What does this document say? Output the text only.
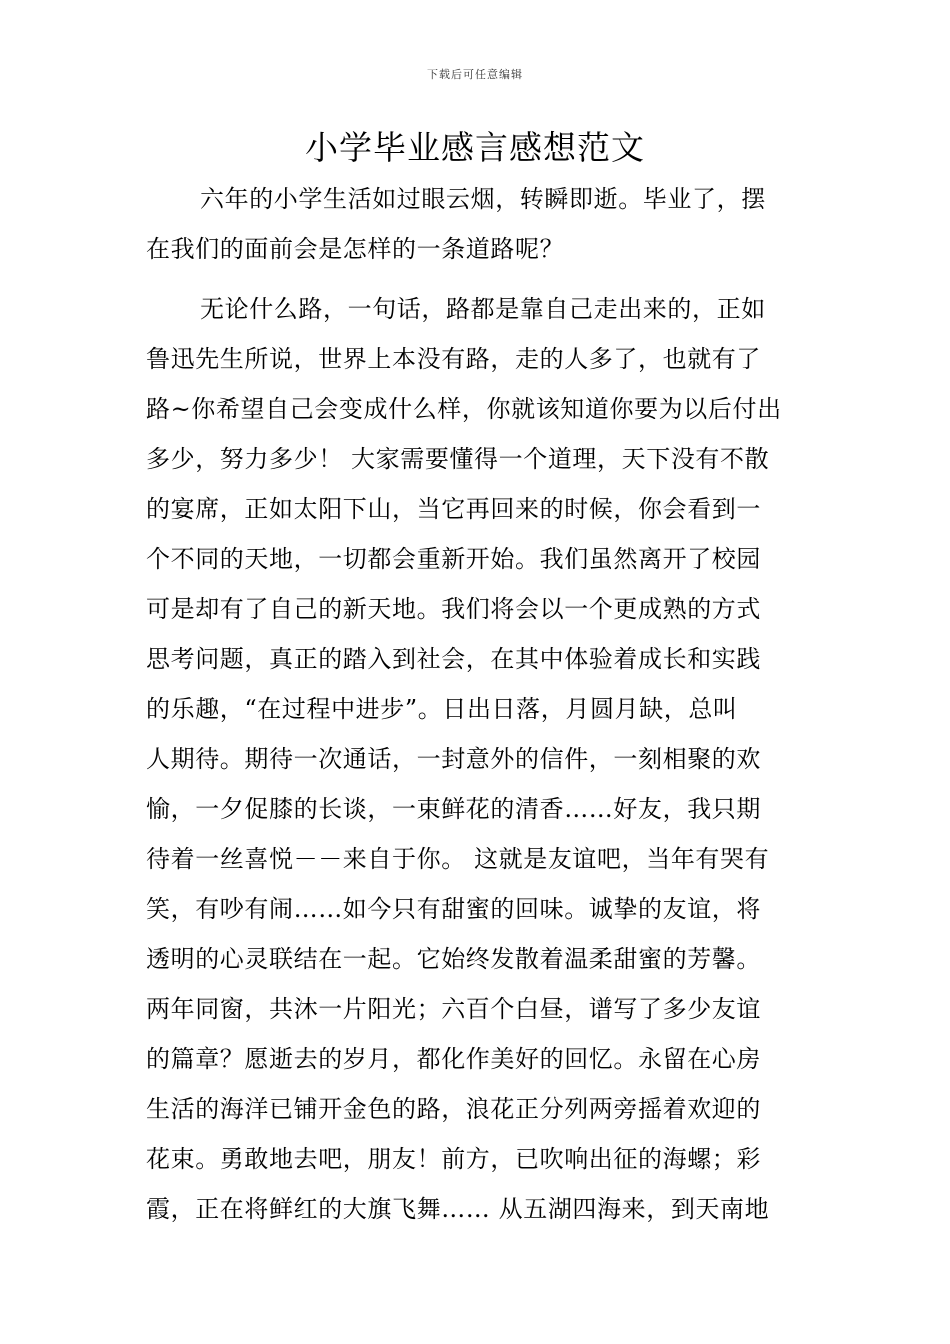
下载后可任意编辑
小学毕业感言感想范文
六年的小学生活如过眼云烟，转瞬即逝。毕业了，摆
在我们的面前会是怎样的一条道路呢？
无论什么路，一句话，路都是靠自己走出来的，正如
鲁迅先生所说，世界上本没有路，走的人多了，也就有了
路~你希望自己会变成什么样，你就该知道你要为以后付出
多少，努力多少！ 大家需要懂得一个道理，天下没有不散
的宴席，正如太阳下山，当它再回来的时候，你会看到一
个不同的天地，一切都会重新开始。我们虽然离开了校园
可是却有了自己的新天地。我们将会以一个更成熟的方式
思考问题，真正的踏入到社会，在其中体验着成长和实践
的乐趣，“在过程中进步”。日出日落，月圆月缺，总叫
人期待。期待一次通话，一封意外的信件，一刻相聚的欢
愉，一夕促膝的长谈，一束鲜花的清香……好友，我只期
待着一丝喜悦－－来自于你。 这就是友谊吧，当年有哭有
笑，有吵有闹……如今只有甜蜜的回味。诚挚的友谊，将
透明的心灵联结在一起。它始终发散着温柔甜蜜的芳馨。
两年同窗，共沐一片阳光；六百个白昼，谱写了多少友谊
的篇章？愿逝去的岁月，都化作美好的回忆。永留在心房
生活的海洋已铺开金色的路，浪花正分列两旁摇着欢迎的
花束。勇敢地去吧，朋友！前方，已吹响出征的海螺；彩
霞，正在将鲜红的大旗飞舞…… 从五湖四海来，到天南地
